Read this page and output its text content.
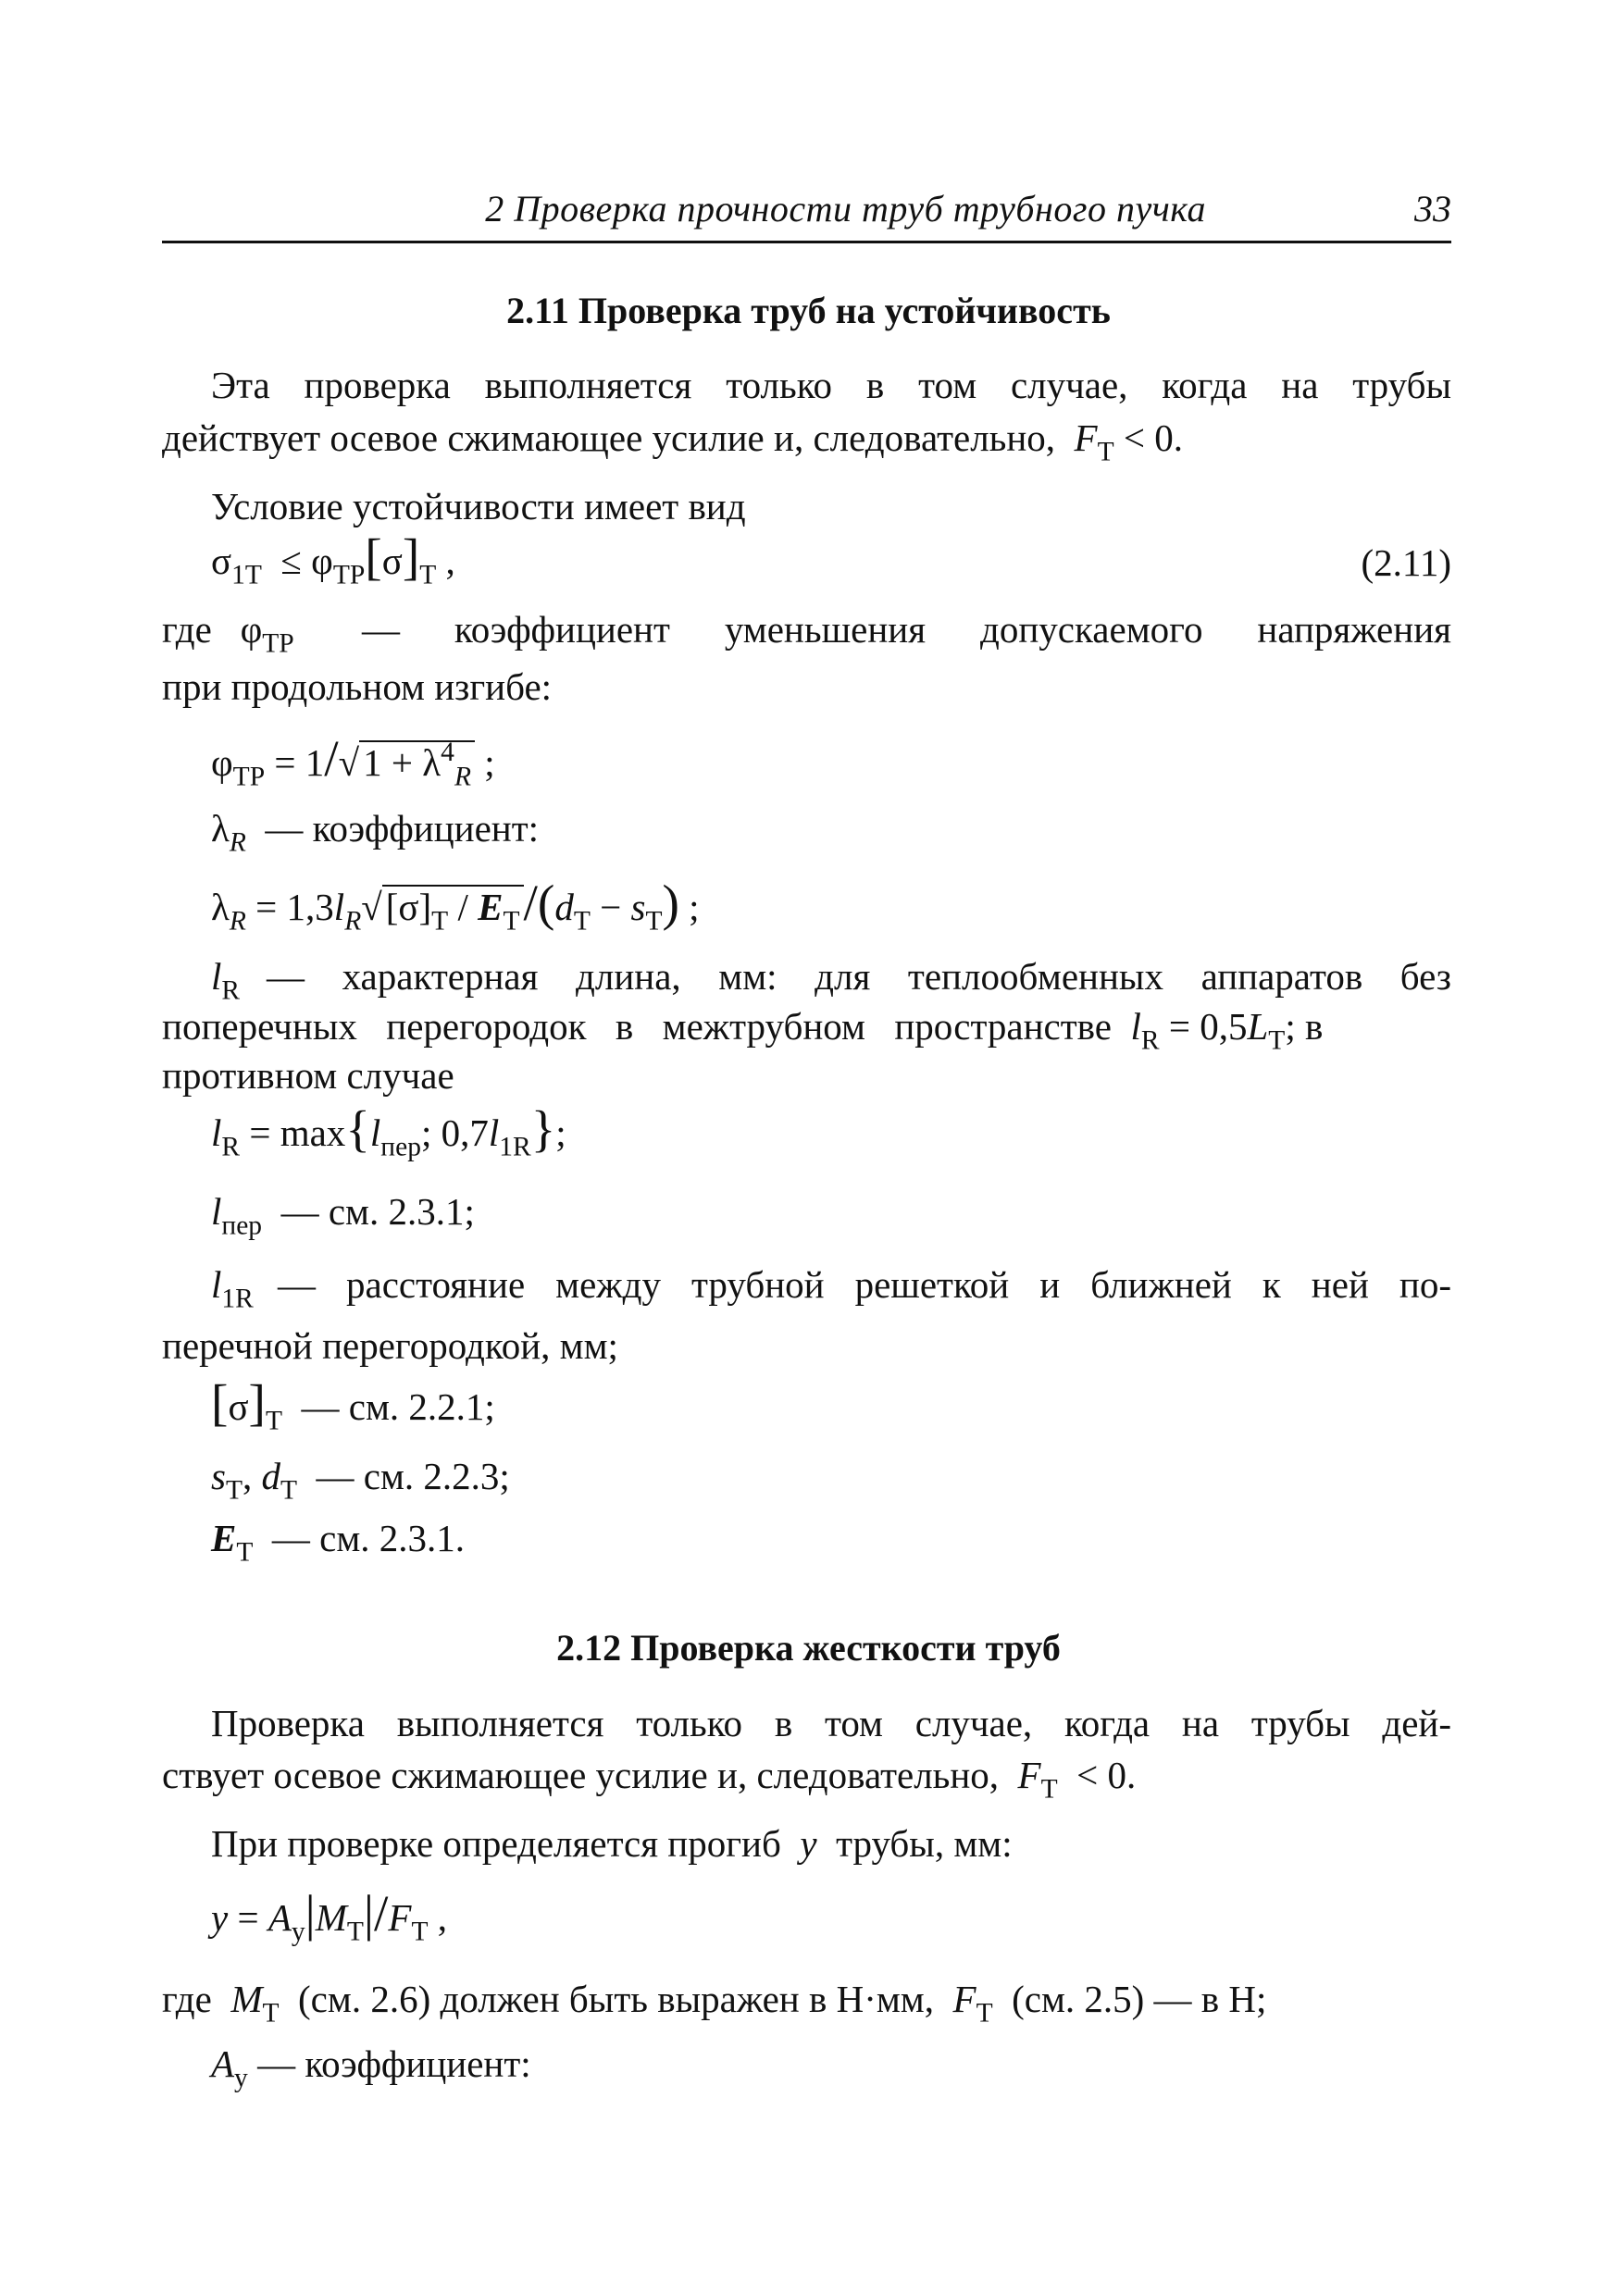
2 Проверка прочности труб трубного пучка	33
2.11 Проверка труб на устойчивость
Эта проверка выполняется только в том случае, когда на трубы
действует осевое сжимающее усилие и, следовательно, $F_T < 0$.
Условие устойчивости имеет вид
$\sigma_{1T} \le \varphi_{TP}[\sigma]_T$ ,	(2.11)
где   $\varphi_{TP}$ — коэффициент уменьшения допускаемого напряжения
при продольном изгибе:
$\varphi_{TP} = 1/√1 + \lambda^4_R$ ;
$\lambda_R$ — коэффициент:
$\lambda_R = 1,3l_R√[\sigma]_T / E_T/(d_T - s_T)$ ;
$l_R$ — характерная длина, мм: для теплообменных аппаратов без
поперечных перегородок в межтрубном пространстве $l_R = 0,5L_T$; в
противном случае
$l_R = \max\{l_{пер}$; $0,7l_{1R}$};
$l_{пер}$ — см. 2.3.1;
$l_{1R}$ — расстояние между трубной решеткой и ближней к ней по-
перечной перегородкой, мм;
$[\sigma]_T$ — см. 2.2.1;
$s_T$, $d_T$ — см. 2.2.3;
$E_T$ — см. 2.3.1.
2.12 Проверка жесткости труб
Проверка выполняется только в том случае, когда на трубы дей-
ствует осевое сжимающее усилие и, следовательно, $F_T < 0$.
При проверке определяется прогиб y трубы, мм:
$y = A_y|M_T|/F_T$ ,
где $M_T$ (см. 2.6) должен быть выражен в Н·мм, $F_T$ (см. 2.5) — в Н;
$A_y$ — коэффициент:
